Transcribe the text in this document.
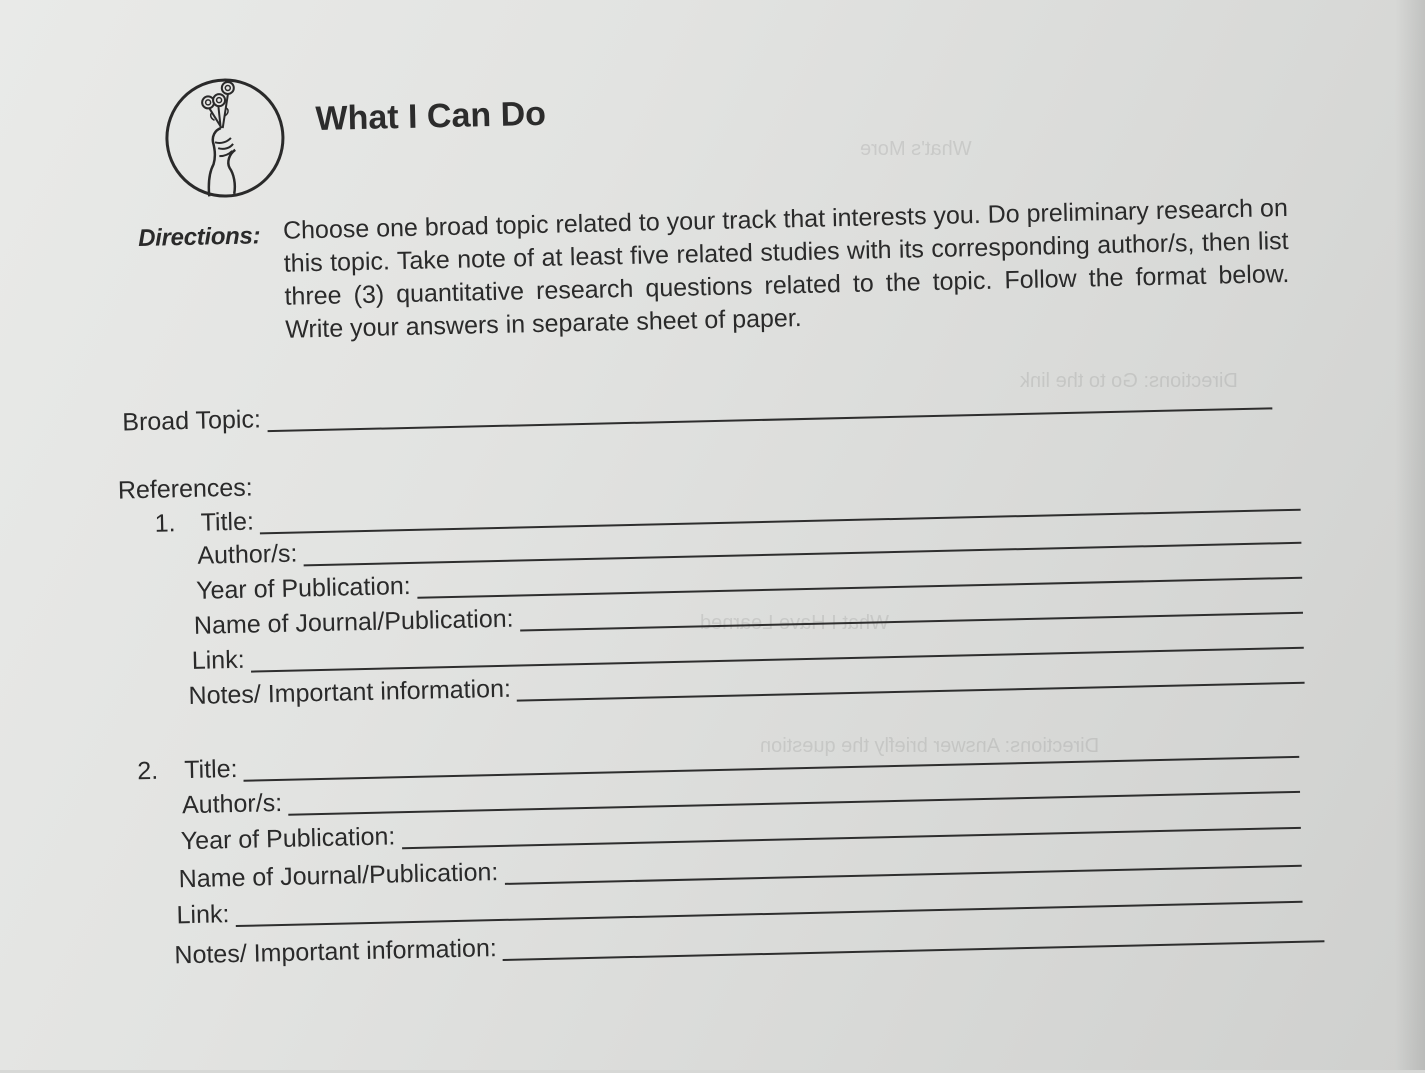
What's More
Directions: Go to the link
What I Have Learned
Directions: Answer briefly the question
What I Can Do
Directions: Choose one broad topic related to your track that interests you. Do preliminary research on this topic. Take note of at least five related studies with its corresponding author/s, then list three (3) quantitative research questions related to the topic. Follow the format below. Write your answers in separate sheet of paper.
Broad Topic:
References:
1. Title:
Author/s:
Year of Publication:
Name of Journal/Publication:
Link:
Notes/ Important information:
2. Title:
Author/s:
Year of Publication:
Name of Journal/Publication:
Link:
Notes/ Important information:
